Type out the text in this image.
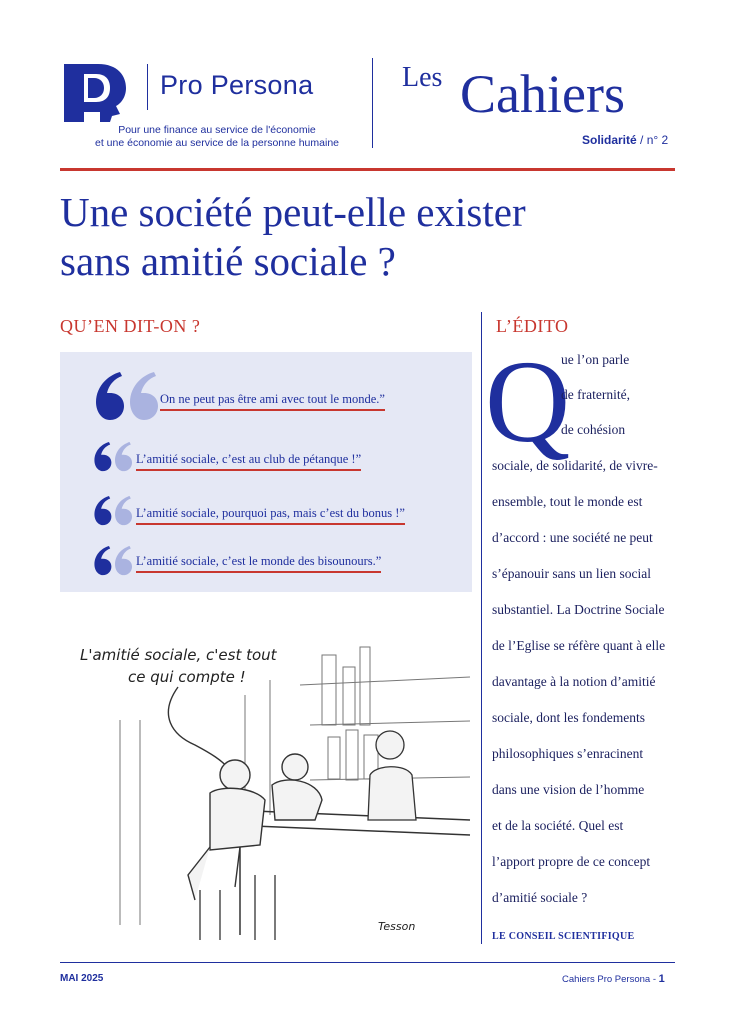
Pro Persona
Pour une finance au service de l'économie
et une économie au service de la personne humaine
Les Cahiers
Solidarité / n° 2
Une société peut-elle exister
sans amitié sociale ?
QU’EN DIT-ON ?	L’ÉDITO
On ne peut pas être ami avec tout le monde.”
L’amitié sociale, c’est au club de pétanque !”
L’amitié sociale, pourquoi pas, mais c’est du bonus !”
L’amitié sociale, c’est le monde des bisounours.”
L'amitié sociale, c'est tout
ce qui compte !
Tesson
Q
ue l’on parle
de fraternité,
de cohésion
sociale, de solidarité, de vivre-
ensemble, tout le monde est
d’accord : une société ne peut
s’épanouir sans un lien social
substantiel. La Doctrine Sociale
de l’Eglise se réfère quant à elle
davantage à la notion d’amitié
sociale, dont les fondements
philosophiques s’enracinent
dans une vision de l’homme
et de la société. Quel est
l’apport propre de ce concept
d’amitié sociale ?
LE CONSEIL SCIENTIFIQUE
MAI 2025	Cahiers Pro Persona - 1
